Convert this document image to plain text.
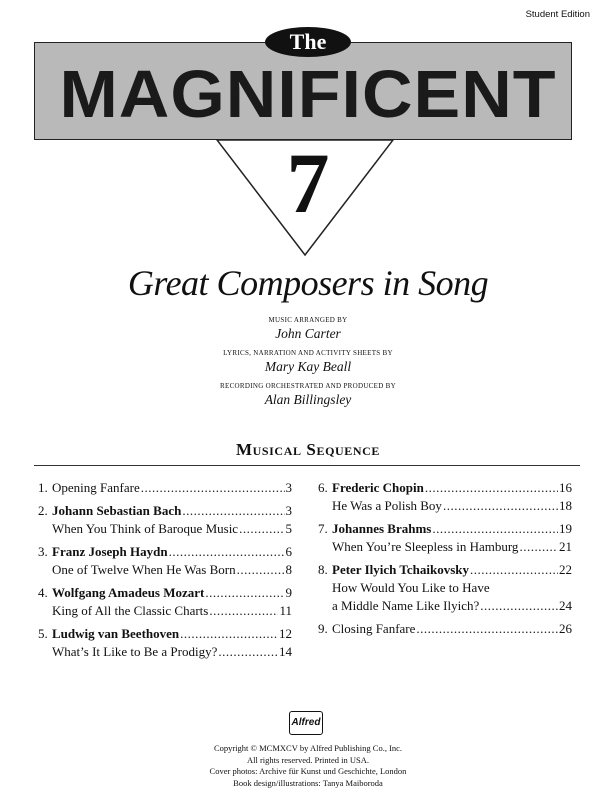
Student Edition
The
MAGNIFICENT
7
Great Composers in Song
MUSIC ARRANGED BY
John Carter
LYRICS, NARRATION AND ACTIVITY SHEETS BY
Mary Kay Beall
RECORDING ORCHESTRATED AND PRODUCED BY
Alan Billingsley
Musical Sequence
1. Opening Fanfare .....	3
2. Johann Sebastian Bach .....	3
When You Think of Baroque Music .....	5
3. Franz Joseph Haydn .....	6
One of Twelve When He Was Born .....	8
4. Wolfgang Amadeus Mozart .....	9
King of All the Classic Charts .....	11
5. Ludwig van Beethoven .....	12
What’s It Like to Be a Prodigy? .....	14
6. Frederic Chopin .....	16
He Was a Polish Boy .....	18
7. Johannes Brahms .....	19
When You’re Sleepless in Hamburg .....	21
8. Peter Ilyich Tchaikovsky .....	22
How Would You Like to Have
a Middle Name Like Ilyich? .....	24
9. Closing Fanfare .....	26
Alfred
Copyright © MCMXCV by Alfred Publishing Co., Inc.
All rights reserved. Printed in USA.
Cover photos: Archive für Kunst und Geschichte, London
Book design/illustrations: Tanya Maiboroda
